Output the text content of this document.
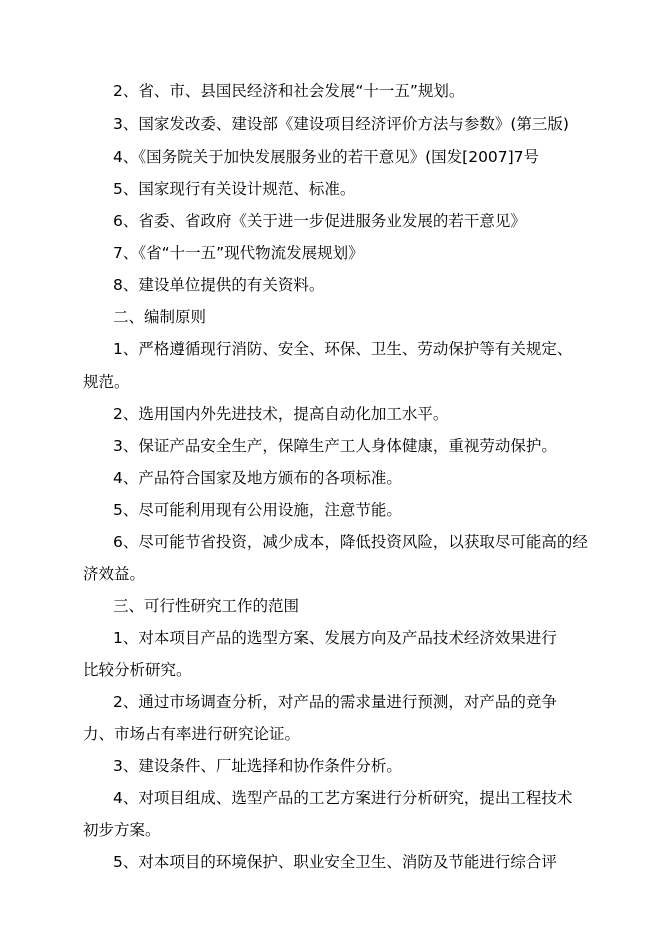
2、省、市、县国民经济和社会发展“十一五”规划。
3、国家发改委、建设部《建设项目经济评价方法与参数》(第三版)
4、《国务院关于加快发展服务业的若干意见》(国发[2007]7号
5、国家现行有关设计规范、标准。
6、省委、省政府《关于进一步促进服务业发展的若干意见》
7、《省“十一五”现代物流发展规划》
8、建设单位提供的有关资料。
二、编制原则
1、严格遵循现行消防、安全、环保、卫生、劳动保护等有关规定、
规范。
2、选用国内外先进技术，提高自动化加工水平。
3、保证产品安全生产，保障生产工人身体健康，重视劳动保护。
4、产品符合国家及地方颁布的各项标准。
5、尽可能利用现有公用设施，注意节能。
6、尽可能节省投资，减少成本，降低投资风险，以获取尽可能高的经
济效益。
三、可行性研究工作的范围
1、对本项目产品的选型方案、发展方向及产品技术经济效果进行
比较分析研究。
2、通过市场调查分析，对产品的需求量进行预测，对产品的竞争
力、市场占有率进行研究论证。
3、建设条件、厂址选择和协作条件分析。
4、对项目组成、选型产品的工艺方案进行分析研究，提出工程技术
初步方案。
5、对本项目的环境保护、职业安全卫生、消防及节能进行综合评
